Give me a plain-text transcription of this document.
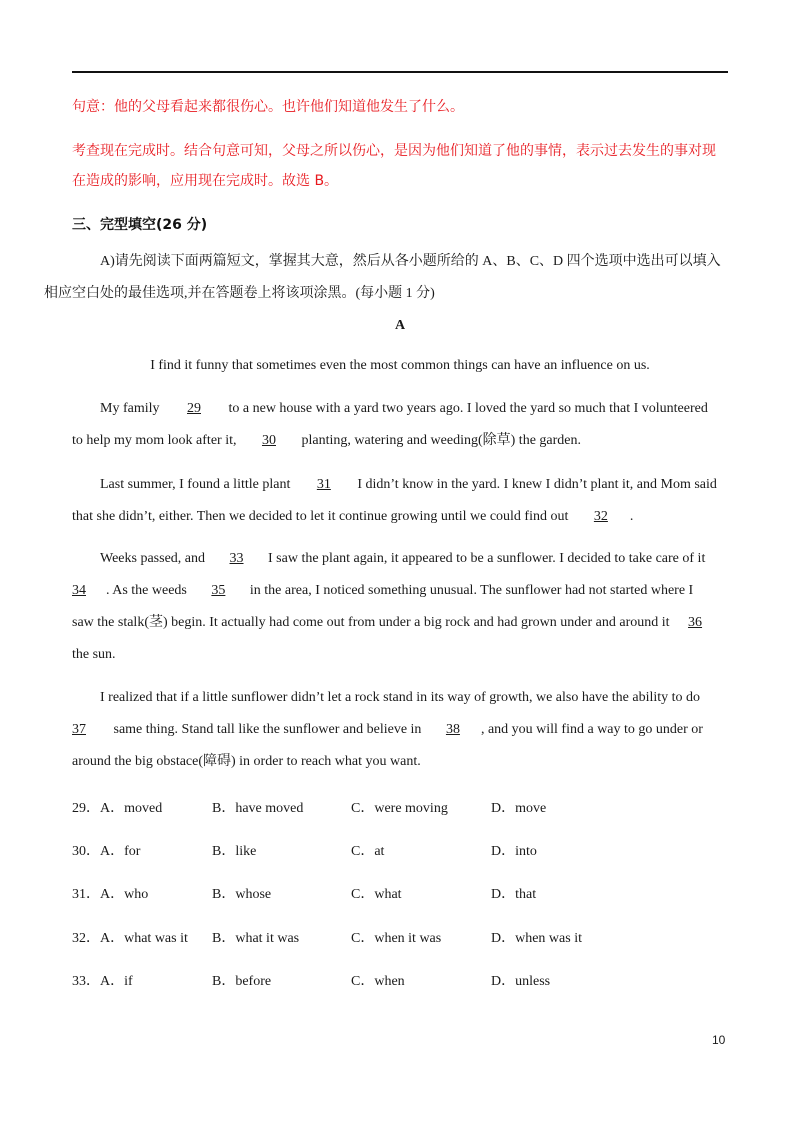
句意：他的父母看起来都很伤心。也许他们知道他发生了什么。
考查现在完成时。结合句意可知，父母之所以伤心，是因为他们知道了他的事情，表示过去发生的事对现
在造成的影响，应用现在完成时。故选 B。
三、完型填空(26 分)
A)请先阅读下面两篇短文，掌握其大意，然后从各小题所给的 A、B、C、D 四个选项中选出可以填入
相应空白处的最佳选项,并在答题卷上将该项涂黑。(每小题 1 分)
A
I find it funny that sometimes even the most common things can have an influence on us.
My family 29 to a new house with a yard two years ago. I loved the yard so much that I volunteered
to help my mom look after it, 30 planting, watering and weeding(除草) the garden.
Last summer, I found a little plant 31 I didn’t know in the yard. I knew I didn’t plant it, and Mom said
that she didn’t, either. Then we decided to let it continue growing until we could find out 32 .
Weeks passed, and 33 I saw the plant again, it appeared to be a sunflower. I decided to take care of it
34 . As the weeds 35 in the area, I noticed something unusual. The sunflower had not started where I
saw the stalk(茎) begin. It actually had come out from under a big rock and had grown under and around it 36
the sun.
I realized that if a little sunflower didn’t let a rock stand in its way of growth, we also have the ability to do
37 same thing. Stand tall like the sunflower and believe in 38 , and you will find a way to go under or
around the big obstace(障碍) in order to reach what you want.
29．A．moved	B．have moved	C．were moving	D．move
30．A．for	B．like	C．at	D．into
31．A．who	B．whose	C．what	D．that
32．A．what was it B．what it was	C．when it was	D．when was it
33．A．if	B．before	C．when	D．unless
10
